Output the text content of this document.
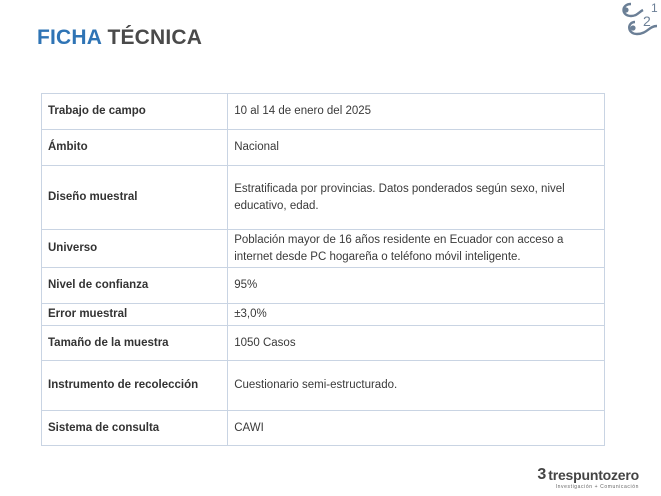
FICHA TÉCNICA
2
1
Trabajo de campo	10 al 14 de enero del 2025
Ámbito	Nacional
Diseño muestral	Estratificada por provincias. Datos ponderados según sexo, nivel educativo, edad.
Universo	Población mayor de 16 años residente en Ecuador con acceso a internet desde PC hogareña o teléfono móvil inteligente.
Nivel de confianza	95%
Error muestral	±3,0%
Tamaño de la muestra	1050 Casos
Instrumento de recolección	Cuestionario semi-estructurado.
Sistema de consulta	CAWI
3 trespuntozero
Investigación + Comunicación
